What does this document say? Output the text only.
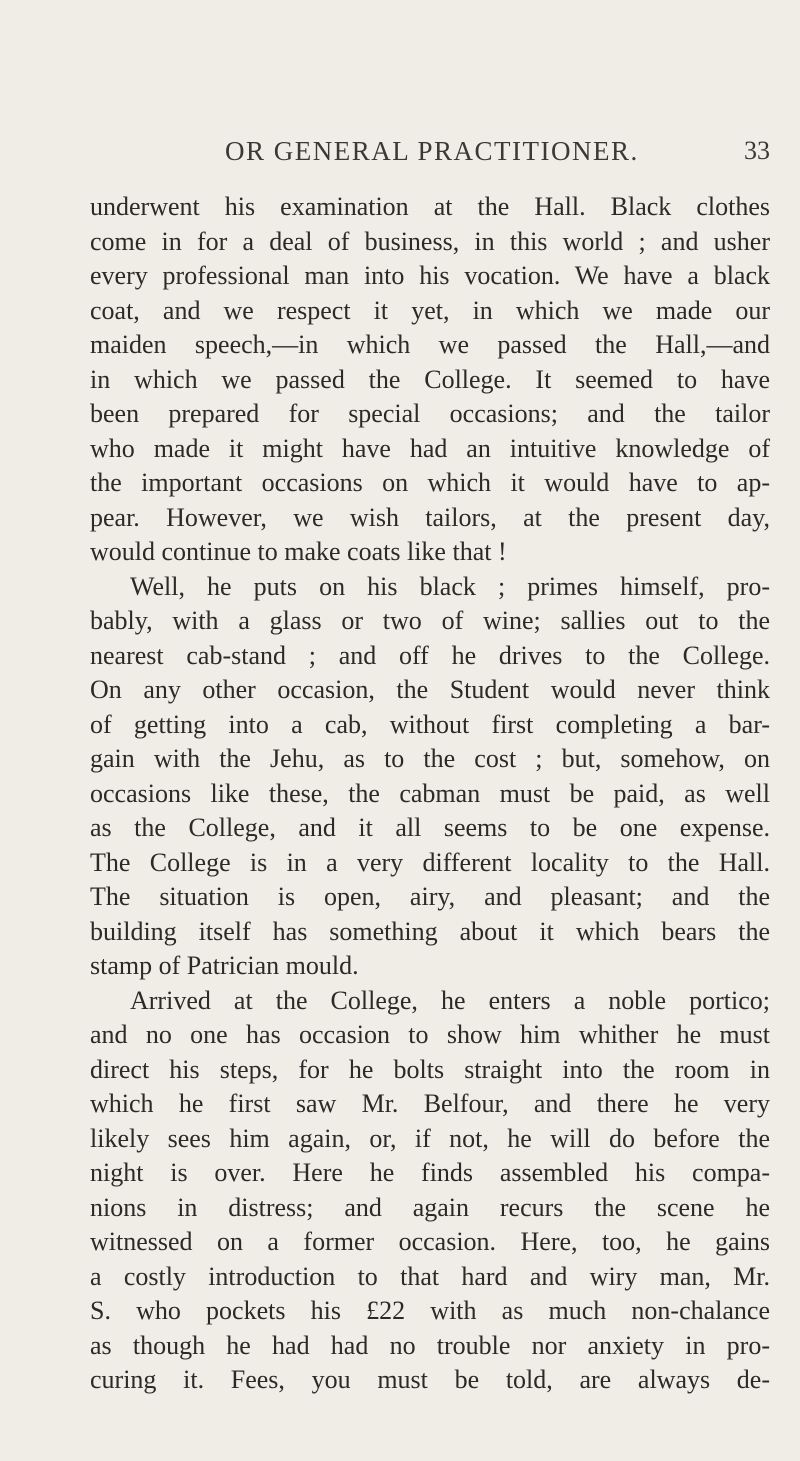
OR GENERAL PRACTITIONER.	33
underwent his examination at the Hall. Black clothes
come in for a deal of business, in this world ; and usher
every professional man into his vocation. We have a black
coat, and we respect it yet, in which we made our
maiden speech,—in which we passed the Hall,—and
in which we passed the College. It seemed to have
been prepared for special occasions; and the tailor
who made it might have had an intuitive knowledge of
the important occasions on which it would have to ap-
pear. However, we wish tailors, at the present day,
would continue to make coats like that !
Well, he puts on his black ; primes himself, pro-
bably, with a glass or two of wine; sallies out to the
nearest cab-stand ; and off he drives to the College.
On any other occasion, the Student would never think
of getting into a cab, without first completing a bar-
gain with the Jehu, as to the cost ; but, somehow, on
occasions like these, the cabman must be paid, as well
as the College, and it all seems to be one expense.
The College is in a very different locality to the Hall.
The situation is open, airy, and pleasant; and the
building itself has something about it which bears the
stamp of Patrician mould.
Arrived at the College, he enters a noble portico;
and no one has occasion to show him whither he must
direct his steps, for he bolts straight into the room in
which he first saw Mr. Belfour, and there he very
likely sees him again, or, if not, he will do before the
night is over. Here he finds assembled his compa-
nions in distress; and again recurs the scene he
witnessed on a former occasion. Here, too, he gains
a costly introduction to that hard and wiry man, Mr.
S. who pockets his £22 with as much non-chalance
as though he had had no trouble nor anxiety in pro-
curing it. Fees, you must be told, are always de-
